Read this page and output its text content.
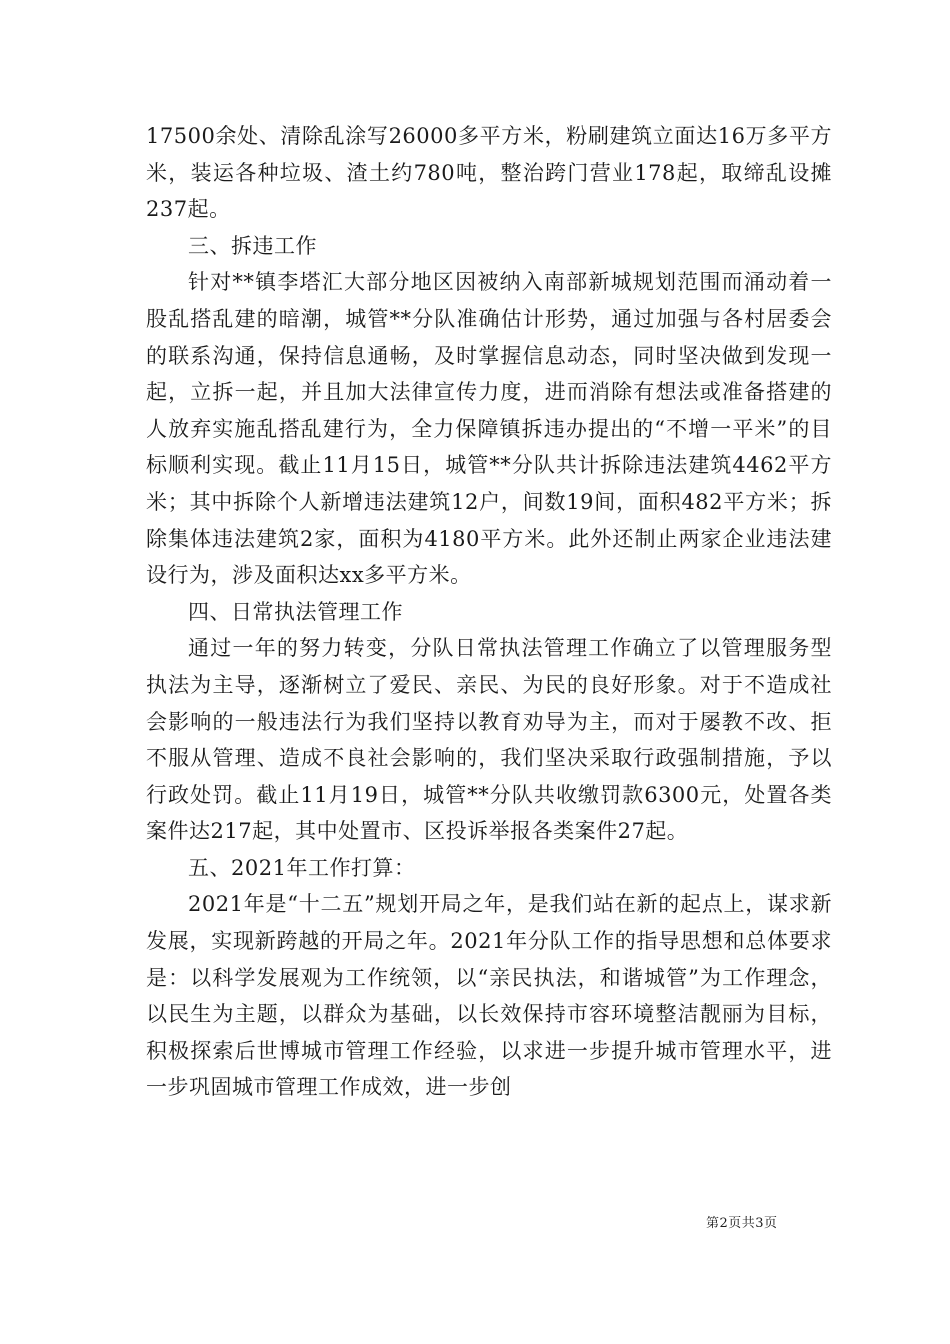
17500余处、清除乱涂写26000多平方米，粉刷建筑立面达16万多平方米，装运各种垃圾、渣土约780吨，整治跨门营业178起，取缔乱设摊237起。

三、拆违工作

针对**镇李塔汇大部分地区因被纳入南部新城规划范围而涌动着一股乱搭乱建的暗潮，城管**分队准确估计形势，通过加强与各村居委会的联系沟通，保持信息通畅，及时掌握信息动态，同时坚决做到发现一起，立拆一起，并且加大法律宣传力度，进而消除有想法或准备搭建的人放弃实施乱搭乱建行为，全力保障镇拆违办提出的“不增一平米”的目标顺利实现。截止11月15日，城管**分队共计拆除违法建筑4462平方米；其中拆除个人新增违法建筑12户，间数19间，面积482平方米；拆除集体违法建筑2家，面积为4180平方米。此外还制止两家企业违法建设行为，涉及面积达xx多平方米。

四、日常执法管理工作

通过一年的努力转变，分队日常执法管理工作确立了以管理服务型执法为主导，逐渐树立了爱民、亲民、为民的良好形象。对于不造成社会影响的一般违法行为我们坚持以教育劝导为主，而对于屡教不改、拒不服从管理、造成不良社会影响的，我们坚决采取行政强制措施，予以行政处罚。截止11月19日，城管**分队共收缴罚款6300元，处置各类案件达217起，其中处置市、区投诉举报各类案件27起。

五、2021年工作打算：

2021年是“十二五”规划开局之年，是我们站在新的起点上，谋求新发展，实现新跨越的开局之年。2021年分队工作的指导思想和总体要求是：以科学发展观为工作统领，以“亲民执法，和谐城管”为工作理念，以民生为主题，以群众为基础，以长效保持市容环境整洁靓丽为目标，积极探索后世博城市管理工作经验，以求进一步提升城市管理水平，进一步巩固城市管理工作成效，进一步创

第2页共3页
